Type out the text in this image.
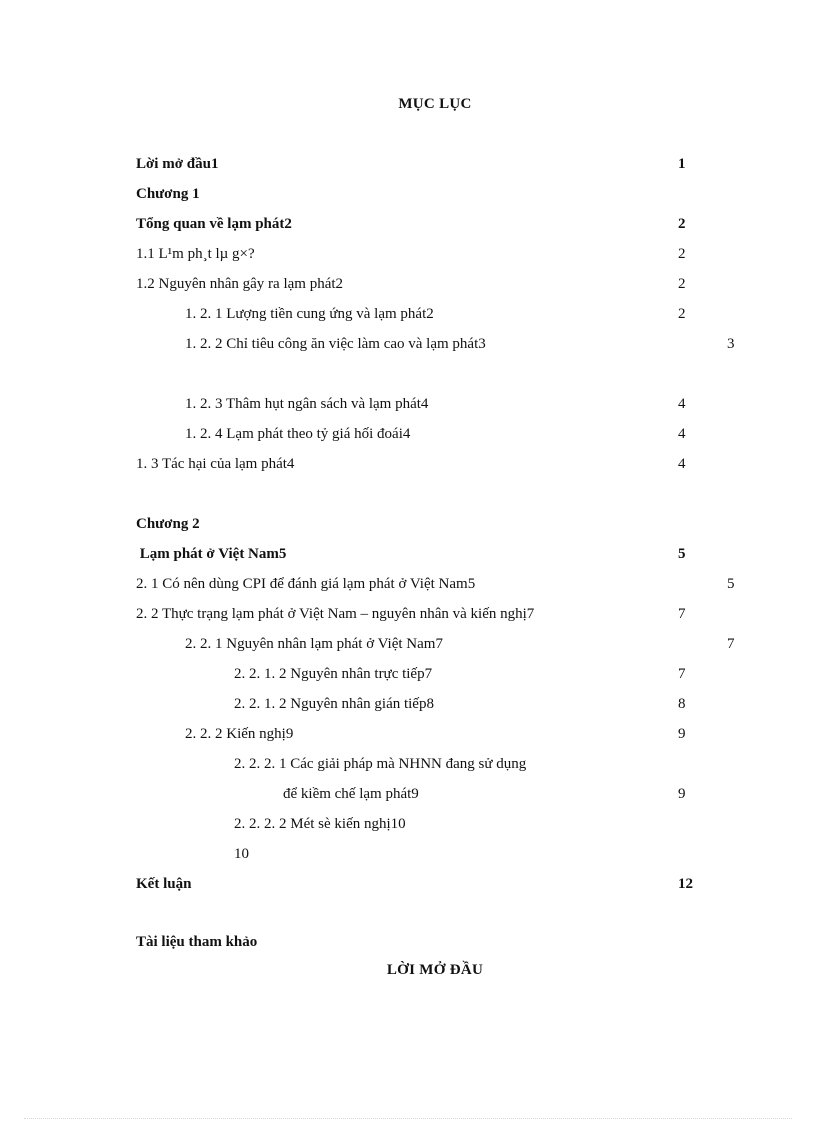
MỤC LỤC
Lời mở đầu1	1
Chương 1
Tổng quan về lạm phát2	2
1.1 L¹m ph¸t lµ g×?	2
1.2 Nguyên nhân gây ra lạm phát2	2
1. 2. 1 Lượng tiền cung ứng và lạm phát2	2
1. 2. 2 Chỉ tiêu công ăn việc làm cao và lạm phát3	3
1. 2. 3 Thâm hụt ngân sách và lạm phát4	4
1. 2. 4 Lạm phát theo tỷ giá hối đoái4	4
1. 3 Tác hại của lạm phát4	4
Chương 2
Lạm phát ở Việt Nam5	5
2. 1 Có nên dùng CPI để đánh giá lạm phát ở Việt Nam5	5
2. 2 Thực trạng lạm phát ở Việt Nam – nguyên nhân và kiến nghị7	7
2. 2. 1 Nguyên nhân lạm phát ở Việt Nam7	7
2. 2. 1. 2 Nguyên nhân trực tiếp7	7
2. 2. 1. 2 Nguyên nhân gián tiếp8	8
2. 2. 2 Kiến nghị9	9
2. 2. 2. 1 Các giải pháp mà NHNN đang sử dụng
để kiềm chế lạm phát9	9
2. 2. 2. 2 Mét sè kiến nghị10
10
Kết luận	12
Tài liệu tham khảo
LỜI MỞ ĐẦU
